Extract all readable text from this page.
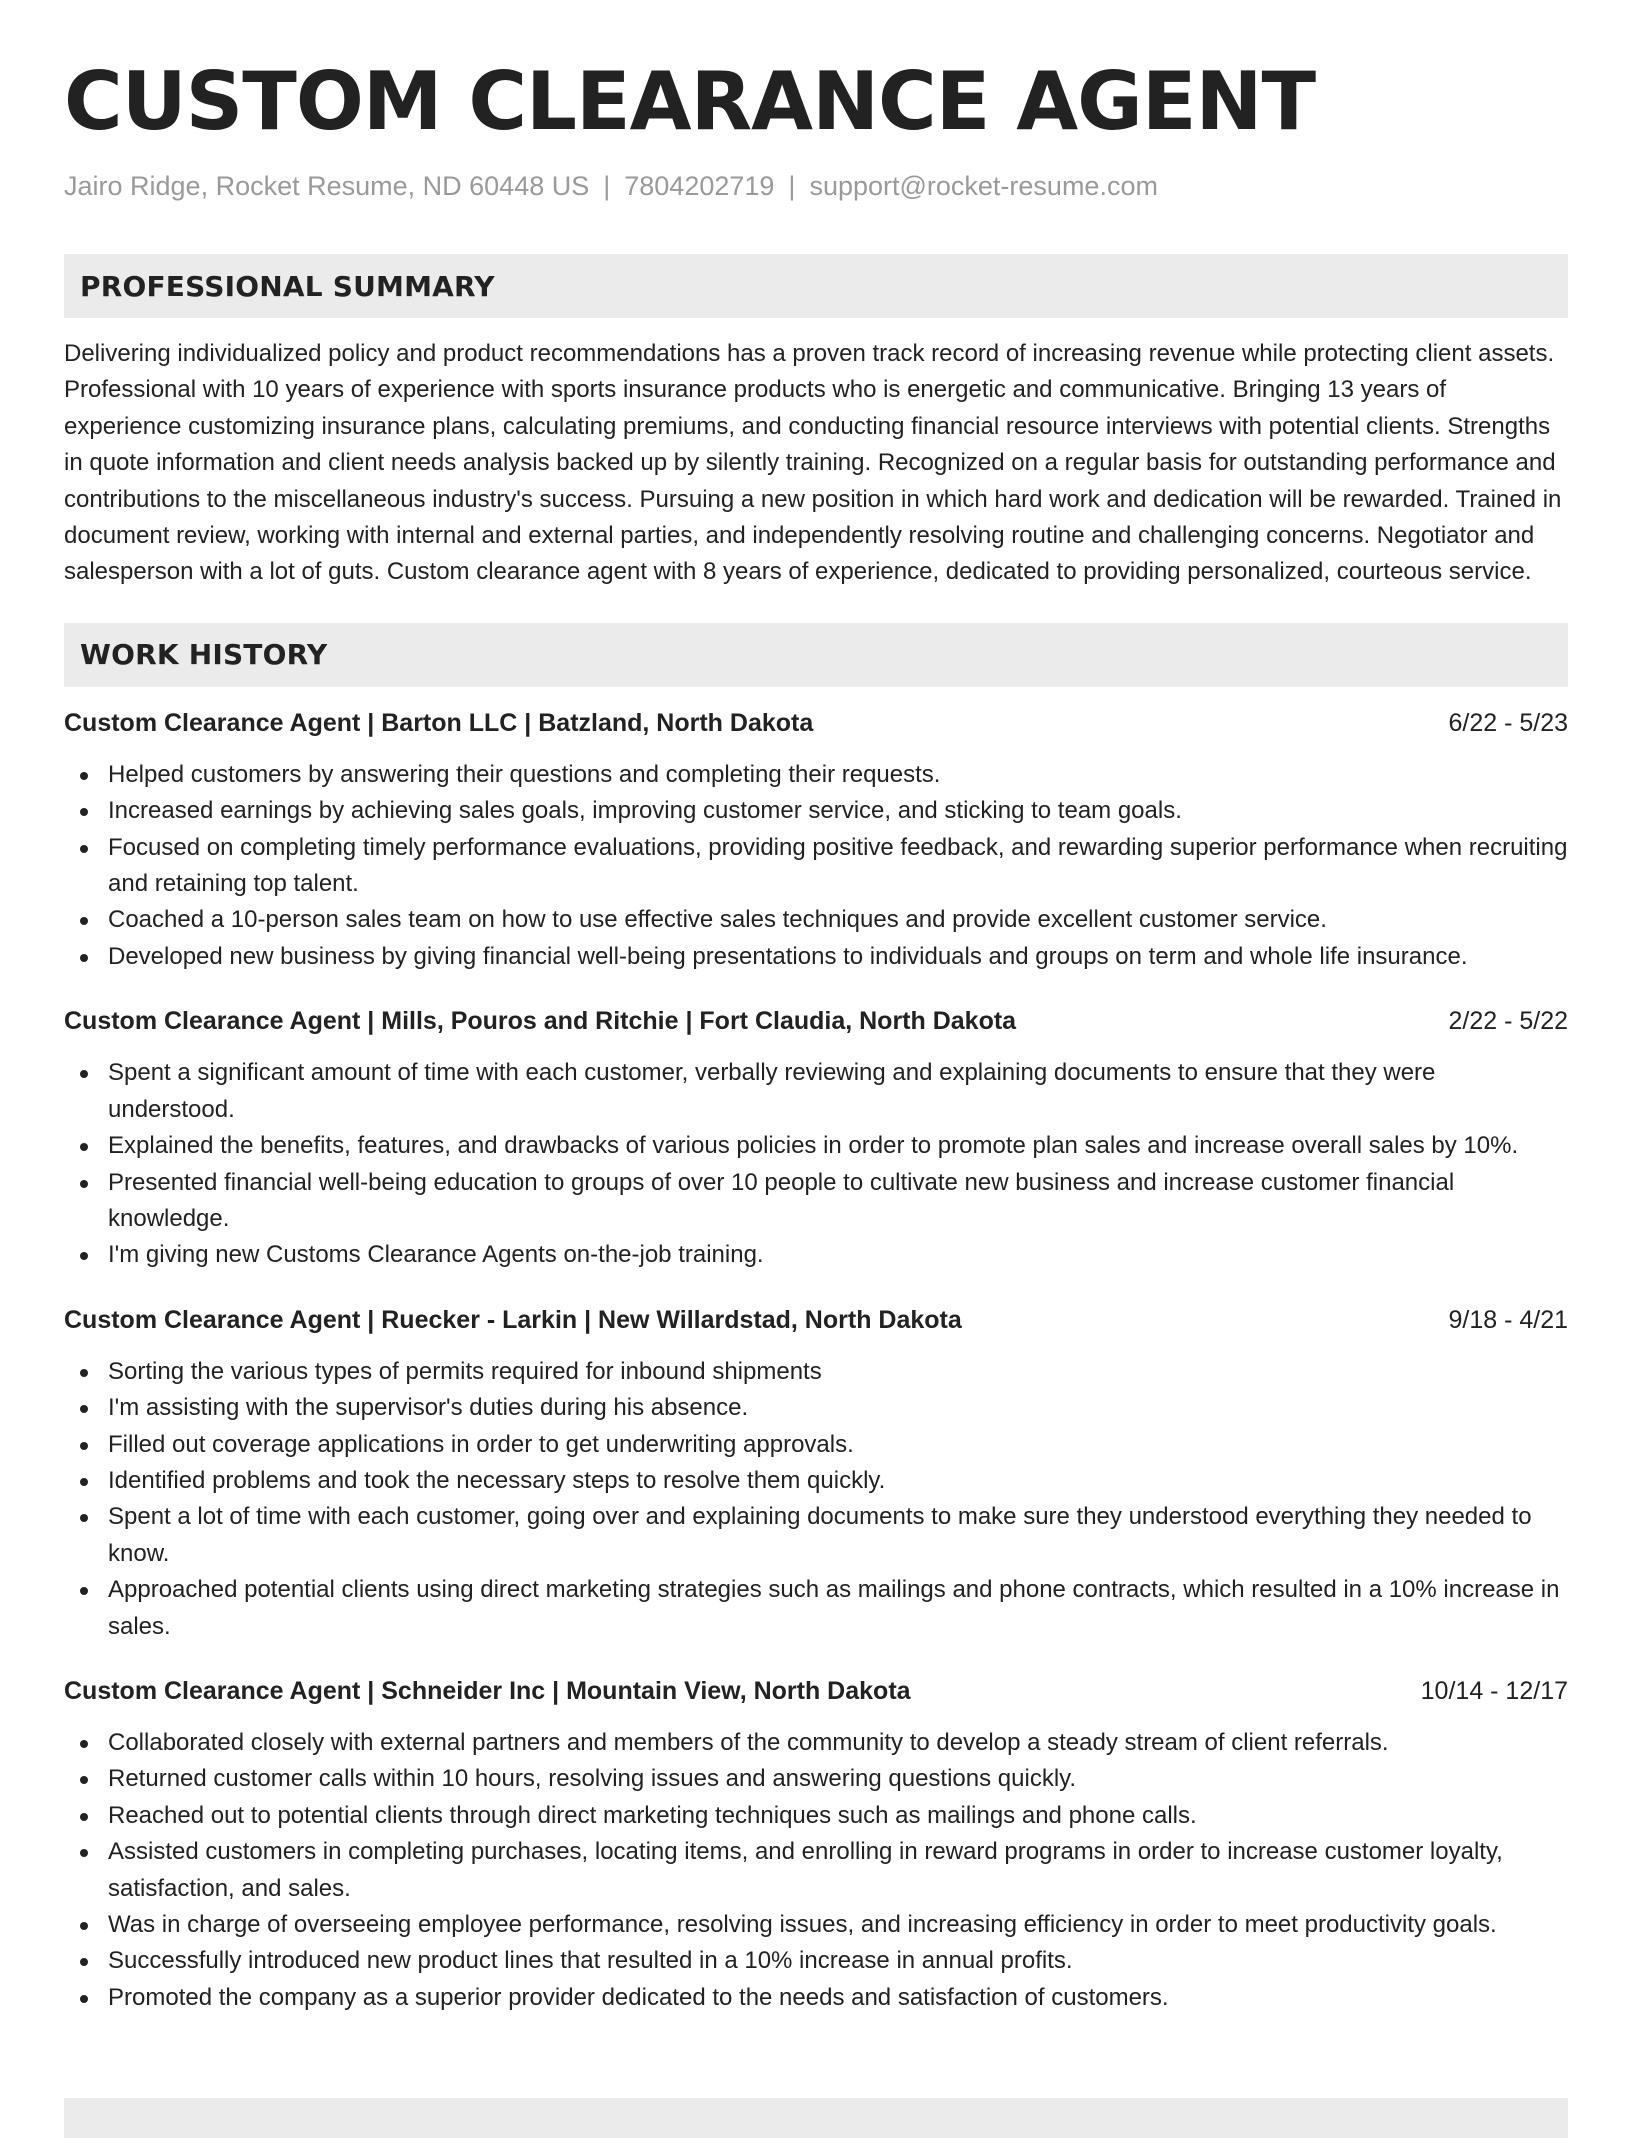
CUSTOM CLEARANCE AGENT
Jairo Ridge, Rocket Resume, ND 60448 US | 7804202719 | support@rocket-resume.com
PROFESSIONAL SUMMARY

Delivering individualized policy and product recommendations has a proven track record of increasing revenue while protecting client assets. Professional with 10 years of experience with sports insurance products who is energetic and communicative. Bringing 13 years of experience customizing insurance plans, calculating premiums, and conducting financial resource interviews with potential clients. Strengths in quote information and client needs analysis backed up by silently training. Recognized on a regular basis for outstanding performance and contributions to the miscellaneous industry's success. Pursuing a new position in which hard work and dedication will be rewarded. Trained in document review, working with internal and external parties, and independently resolving routine and challenging concerns. Negotiator and salesperson with a lot of guts. Custom clearance agent with 8 years of experience, dedicated to providing personalized, courteous service.

WORK HISTORY
Custom Clearance Agent | Barton LLC | Batzland, North Dakota	6/22 - 5/23
Helped customers by answering their questions and completing their requests.
Increased earnings by achieving sales goals, improving customer service, and sticking to team goals.
Focused on completing timely performance evaluations, providing positive feedback, and rewarding superior performance when recruiting and retaining top talent.
Coached a 10-person sales team on how to use effective sales techniques and provide excellent customer service.
Developed new business by giving financial well-being presentations to individuals and groups on term and whole life insurance.
Custom Clearance Agent | Mills, Pouros and Ritchie | Fort Claudia, North Dakota	2/22 - 5/22
Spent a significant amount of time with each customer, verbally reviewing and explaining documents to ensure that they were understood.
Explained the benefits, features, and drawbacks of various policies in order to promote plan sales and increase overall sales by 10%.
Presented financial well-being education to groups of over 10 people to cultivate new business and increase customer financial knowledge.
I'm giving new Customs Clearance Agents on-the-job training.
Custom Clearance Agent | Ruecker - Larkin | New Willardstad, North Dakota	9/18 - 4/21
Sorting the various types of permits required for inbound shipments
I'm assisting with the supervisor's duties during his absence.
Filled out coverage applications in order to get underwriting approvals.
Identified problems and took the necessary steps to resolve them quickly.
Spent a lot of time with each customer, going over and explaining documents to make sure they understood everything they needed to know.
Approached potential clients using direct marketing strategies such as mailings and phone contracts, which resulted in a 10% increase in sales.
Custom Clearance Agent | Schneider Inc | Mountain View, North Dakota	10/14 - 12/17
Collaborated closely with external partners and members of the community to develop a steady stream of client referrals.
Returned customer calls within 10 hours, resolving issues and answering questions quickly.
Reached out to potential clients through direct marketing techniques such as mailings and phone calls.
Assisted customers in completing purchases, locating items, and enrolling in reward programs in order to increase customer loyalty, satisfaction, and sales.
Was in charge of overseeing employee performance, resolving issues, and increasing efficiency in order to meet productivity goals.
Successfully introduced new product lines that resulted in a 10% increase in annual profits.
Promoted the company as a superior provider dedicated to the needs and satisfaction of customers.
